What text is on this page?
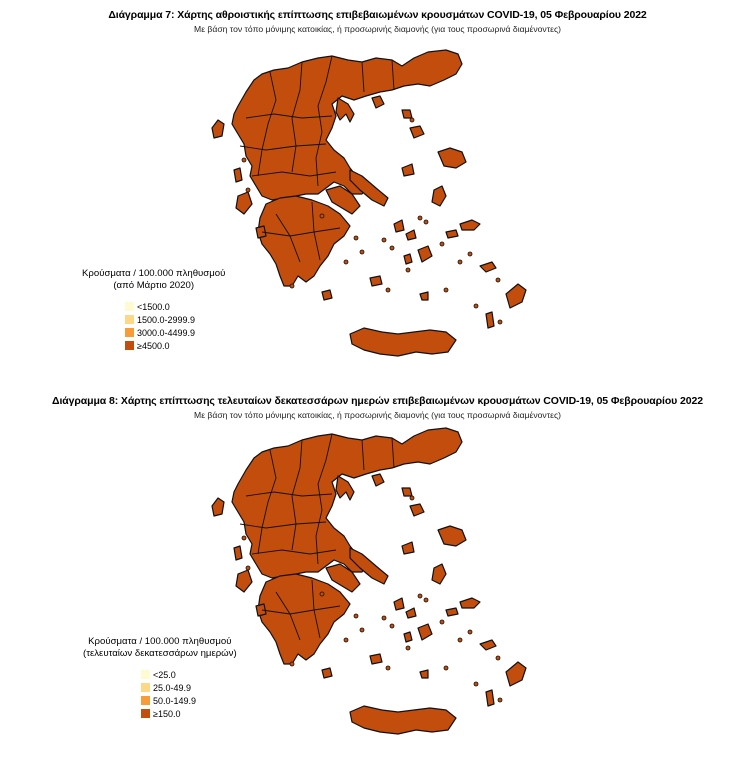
Διάγραμμα 7: Χάρτης αθροιστικής επίπτωσης επιβεβαιωμένων κρουσμάτων COVID-19, 05 Φεβρουαρίου 2022
Με βάση τον τόπο μόνιμης κατοικίας, ή προσωρινής διαμονής (για τους προσωρινά διαμένοντες)
Κρούσματα / 100.000 πληθυσμού
(από Μάρτιο 2020)
<1500.0
1500.0-2999.9
3000.0-4499.9
≥4500.0
Διάγραμμα 8: Χάρτης επίπτωσης τελευταίων δεκατεσσάρων ημερών επιβεβαιωμένων κρουσμάτων COVID-19, 05 Φεβρουαρίου 2022
Με βάση τον τόπο μόνιμης κατοικίας, ή προσωρινής διαμονής (για τους προσωρινά διαμένοντες)
Κρούσματα / 100.000 πληθυσμού
(τελευταίων δεκατεσσάρων ημερών)
<25.0
25.0-49.9
50.0-149.9
≥150.0
